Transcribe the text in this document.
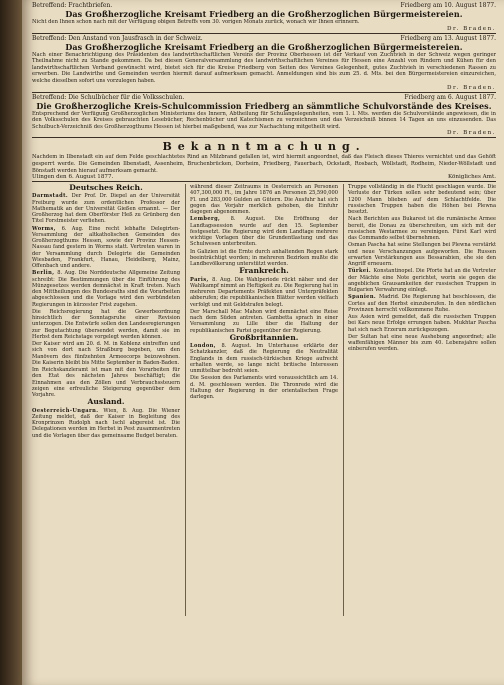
Betreffend: Frachtbriefen.	Friedberg am 10. August 1877.
Das Großherzogliche Kreisamt Friedberg an die Großherzoglichen Bürgermeistereien.
Nicht den Ihnen schon nach mit der Verfügung obigen Betreffs vom 30. vorigen Monats zurück, wonach wir Ihnen erinnern.
Dr. Braden.
Betreffend: Den Anstand von Jausfrasch in der Schweiz.	Friedberg am 13. August 1877.
Das Großherzogliche Kreisamt Friedberg an die Großherzoglichen Bürgermeistereien.
Nach einer Benachrichtigung des Präsidenten des landwirthschaftlichen Vereins der Provinz Oberhessen ist der Verkauf von Zuchtvieh in der Schweiz wegen geringer Theilnahme nicht zu Stande gekommen. Da bei diesen Generalversammlung des landwirthschaftlichen Vereines für Hessen eine Anzahl von Rindern und Kühen für den landwirthschaftlichen Verband gewünscht wird, bietet sich für die Kreise Friedberg von Seiten des Vereines Gelegenheit, gutes Zuchtvieh in verschiedenen Rassen zu erwerben. Die Landwirthe und Gemeinden werden hiermit darauf aufmerksam gemacht. Anmeldungen sind bis zum 25. d. Mts. bei den Bürgermeistereien einzureichen, welche dieselben sofort uns vorzulegen haben.
Dr. Braden.
Betreffend: Die Schulbücher für die Volksschulen.	Friedberg am 6. August 1877.
Die Großherzogliche Kreis-Schulcommission Friedberg an sämmtliche Schulvorstände des Kreises.
Entsprechend der Verfügung Großherzoglichen Ministeriums des Innern, Abtheilung für Schulangelegenheiten, vom 1. l. Mts. werden die Schulvorstände angewiesen, die in den Volksschulen des Kreises gebrauchten Lesebücher, Rechenbücher und Katechismen zu verzeichnen und das Verzeichniß binnen 14 Tagen an uns einzusenden. Das Schulbuch-Verzeichniß des Großherzogthums Hessen ist hierbei maßgebend, was zur Nachachtung mitgetheilt wird.
Dr. Braden.
Bekanntmachung.
Nachdem in Ilbenstadt ein auf dem Felde geschlachtetes Rind an Milzbrand gefallen ist, wird hiermit angeordnet, daß das Fleisch dieses Thieres vernichtet und das Gehöft gesperrt werde. Die Gemeinden Ilbenstadt, Assenheim, Bruchenbrücken, Dorheim, Friedberg, Fauerbach, Ockstadt, Rosbach, Wöllstadt, Rodheim, Nieder-Wöllstadt und Bönstadt werden hierauf aufmerksam gemacht.
Ulingen den 6. August 1877.	Königliches Amt.
Deutsches Reich.
Darmstadt. Der Prof. Dr. Diepel an der Universität Freiburg wurde zum ordentlichen Professor der Mathematik an der Universität Gießen ernannt. — Der Großherzog hat dem Oberförster Heß zu Grünberg den Titel Forstmeister verliehen.
Worms, 6. Aug. Eine recht lebhafte Delegirten-Versammlung der altkatholischen Gemeinden des Großherzogthums Hessen, sowie der Provinz Hessen-Nassau fand gestern in Worms statt. Vertreten waren in der Versammlung durch Delegirte die Gemeinden Wiesbaden, Frankfurt, Hanau, Heidelberg, Mainz, Offenbach und andere.
Berlin, 8. Aug. Die Norddeutsche Allgemeine Zeitung schreibt: Die Bestimmungen über die Einführung des Münzgesetzes werden demnächst in Kraft treten. Nach den Mittheilungen des Bundesraths sind die Vorarbeiten abgeschlossen und die Vorlage wird den verbündeten Regierungen in kürzester Frist zugehen.
Die Reichsregierung hat die Gewerbeordnung hinsichtlich der Sonntagsruhe einer Revision unterzogen. Die Entwürfe sollen den Landesregierungen zur Begutachtung übersendet werden, damit sie im Herbst dem Reichstage vorgelegt werden können.
Der Kaiser wird am 20. d. M. in Koblenz eintreffen und sich von dort nach Straßburg begeben, um den Manövern des fünfzehnten Armeecorps beizuwohnen. Die Kaiserin bleibt bis Mitte September in Baden-Baden.
Im Reichskanzleramt ist man mit den Vorarbeiten für den Etat des nächsten Jahres beschäftigt; die Einnahmen aus den Zöllen und Verbrauchssteuern zeigen eine erfreuliche Steigerung gegenüber dem Vorjahre.
Ausland.
Oesterreich-Ungarn. Wien, 8. Aug. Die Wiener Zeitung meldet, daß der Kaiser in Begleitung des Kronprinzen Rudolph nach Ischl abgereist ist. Die Delegationen werden im Herbst in Pest zusammentreten und die Vorlagen über das gemeinsame Budget beraten.
während dieser Zeitraums in Oesterreich an Personen 407,300,000 Fl., im Jahre 1876 an Personen 25,590,000 Fl. und 283,000 Gulden an Gütern. Die Ausfuhr hat sich gegen das Vorjahr merklich gehoben, die Einfuhr dagegen abgenommen.
Lemberg, 8. August. Die Eröffnung der Landtagssession wurde auf den 15. September festgesetzt. Die Regierung wird dem Landtage mehrere wichtige Vorlagen über die Grundentlastung und das Schulwesen unterbreiten.
In Galizien ist die Ernte durch anhaltenden Regen stark beeinträchtigt worden; in mehreren Bezirken mußte die Landbevölkerung unterstützt werden.
Frankreich.
Paris, 8. Aug. Die Wahlperiode rückt näher und der Wahlkampf nimmt an Heftigkeit zu. Die Regierung hat in mehreren Departements Präfekten und Unterpräfekten abberufen; die republikanischen Blätter werden vielfach verfolgt und mit Geldstrafen belegt.
Der Marschall Mac Mahon wird demnächst eine Reise nach dem Süden antreten. Gambetta sprach in einer Versammlung zu Lille über die Haltung der republikanischen Partei gegenüber der Regierung.
Großbritannien.
London, 8. August. Im Unterhause erklärte der Schatzkanzler, daß die Regierung die Neutralität Englands in dem russisch-türkischen Kriege aufrecht erhalten werde, so lange nicht britische Interessen unmittelbar bedroht seien.
Die Session des Parlaments wird voraussichtlich am 14. d. M. geschlossen werden. Die Thronrede wird die Haltung der Regierung in der orientalischen Frage darlegen.
Truppe vollständig in die Flucht geschlagen wurde. Die Verluste der Türken sollen sehr bedeutend sein; über 1200 Mann blieben auf dem Schlachtfelde. Die russischen Truppen haben die Höhen bei Plewna besetzt.
Nach Berichten aus Bukarest ist die rumänische Armee bereit, die Donau zu überschreiten, um sich mit der russischen Westarmee zu vereinigen. Fürst Karl wird das Commando selbst übernehmen.
Osman Pascha hat seine Stellungen bei Plewna verstärkt und neue Verschanzungen aufgeworfen. Die Russen erwarten Verstärkungen aus Bessarabien, ehe sie den Angriff erneuern.
Türkei. Konstantinopel. Die Pforte hat an die Vertreter der Mächte eine Note gerichtet, worin sie gegen die angeblichen Grausamkeiten der russischen Truppen in Bulgarien Verwahrung einlegt.
Spanien. Madrid. Die Regierung hat beschlossen, die Cortes auf den Herbst einzuberufen. In den nördlichen Provinzen herrscht vollkommene Ruhe.
Aus Asien wird gemeldet, daß die russischen Truppen bei Kars neue Erfolge errungen haben. Mukhtar Pascha hat sich nach Erzerum zurückgezogen.
Der Sultan hat eine neue Aushebung angeordnet; alle waffenfähigen Männer bis zum 40. Lebensjahre sollen einberufen werden.
